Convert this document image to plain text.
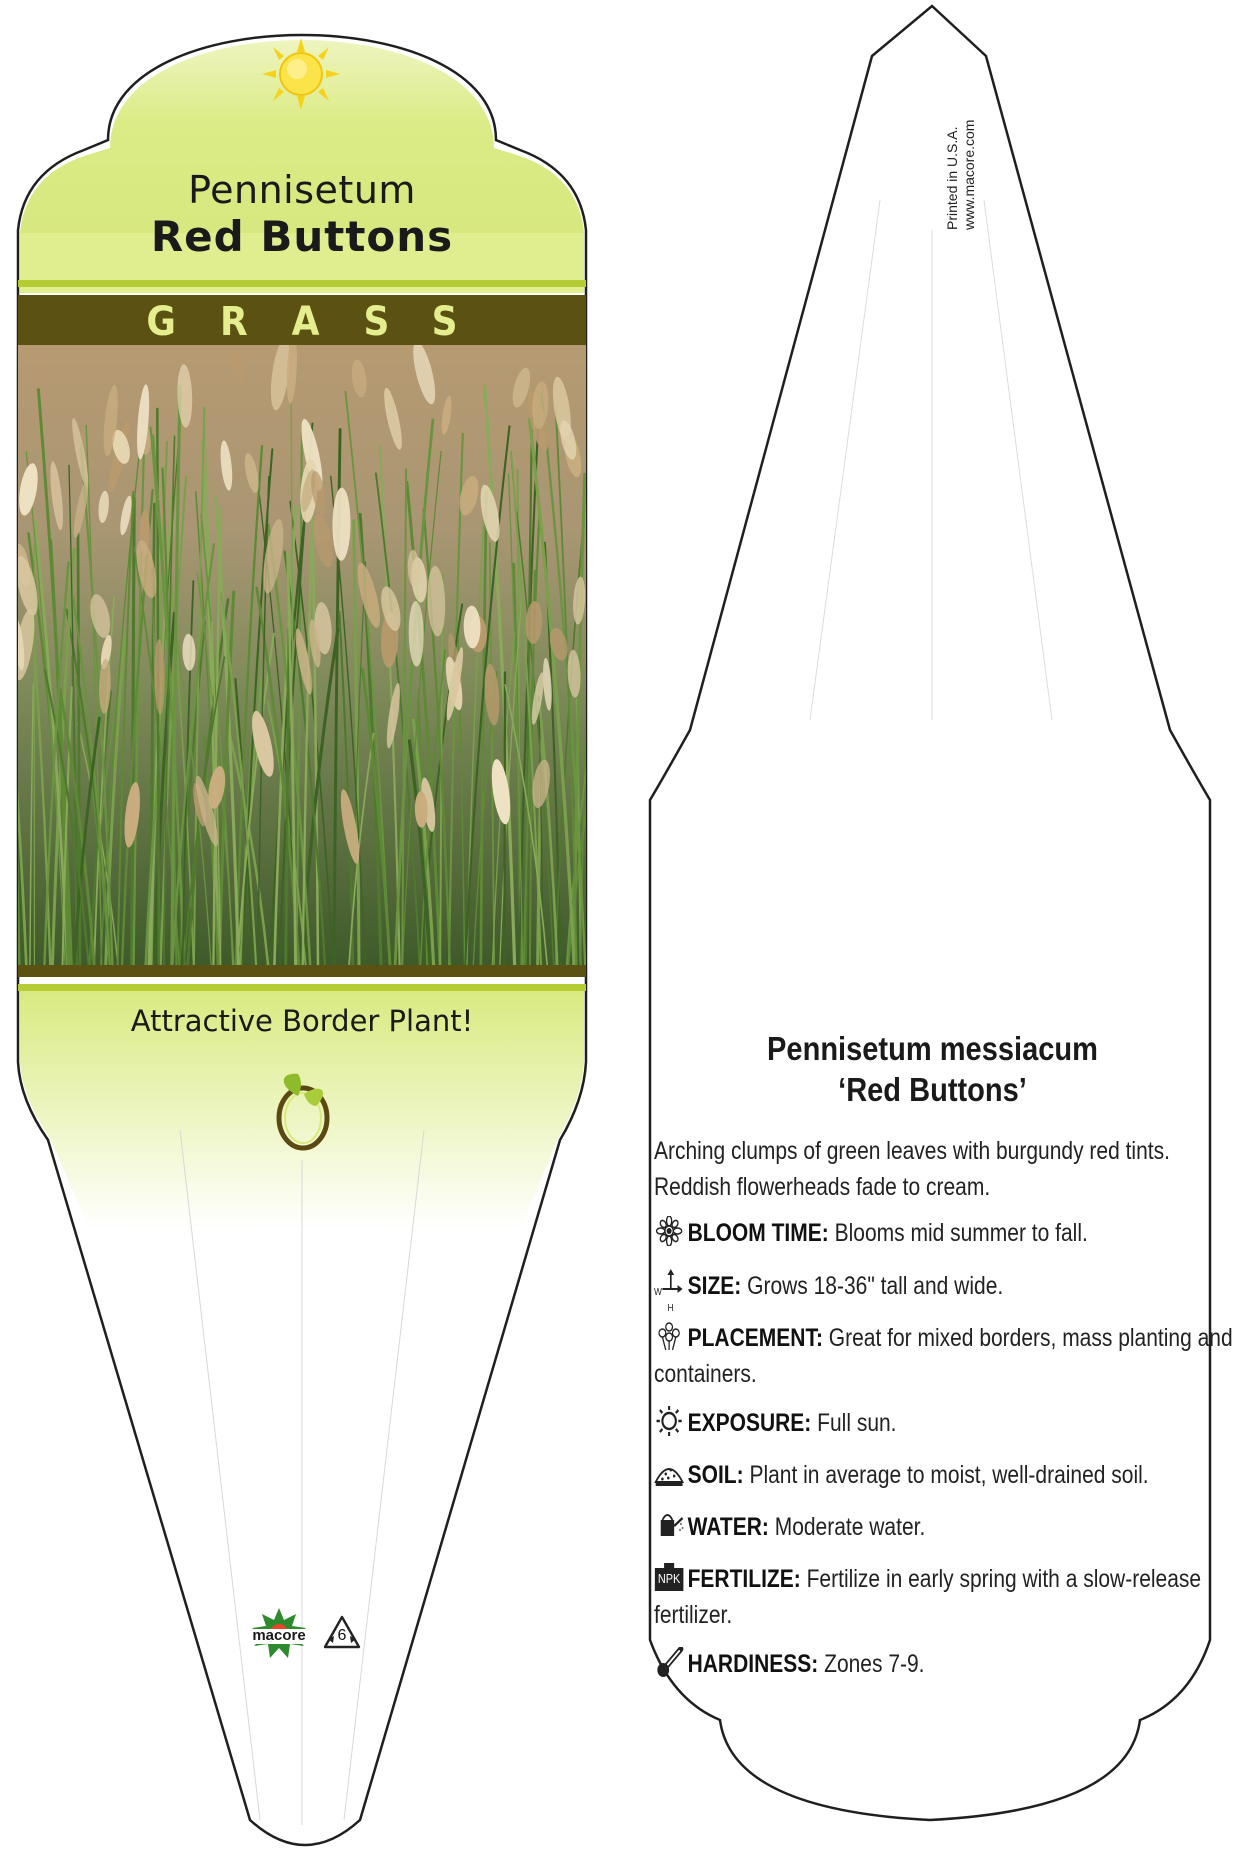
Pennisetum
Red Buttons
GRASS
Attractive Border Plant!
macore	6
Printed in U.S.A. www.macore.com
Pennisetum messiacum
‘Red Buttons’
Arching clumps of green leaves with burgundy red tints. Reddish flowerheads fade to cream.
BLOOM TIME: Blooms mid summer to fall.
W
H
SIZE: Grows 18-36" tall and wide.
PLACEMENT: Great for mixed borders, mass planting and containers.
EXPOSURE: Full sun.
SOIL: Plant in average to moist, well-drained soil.
WATER: Moderate water.
NPK FERTILIZE: Fertilize in early spring with a slow-release fertilizer.
HARDINESS: Zones 7-9.
